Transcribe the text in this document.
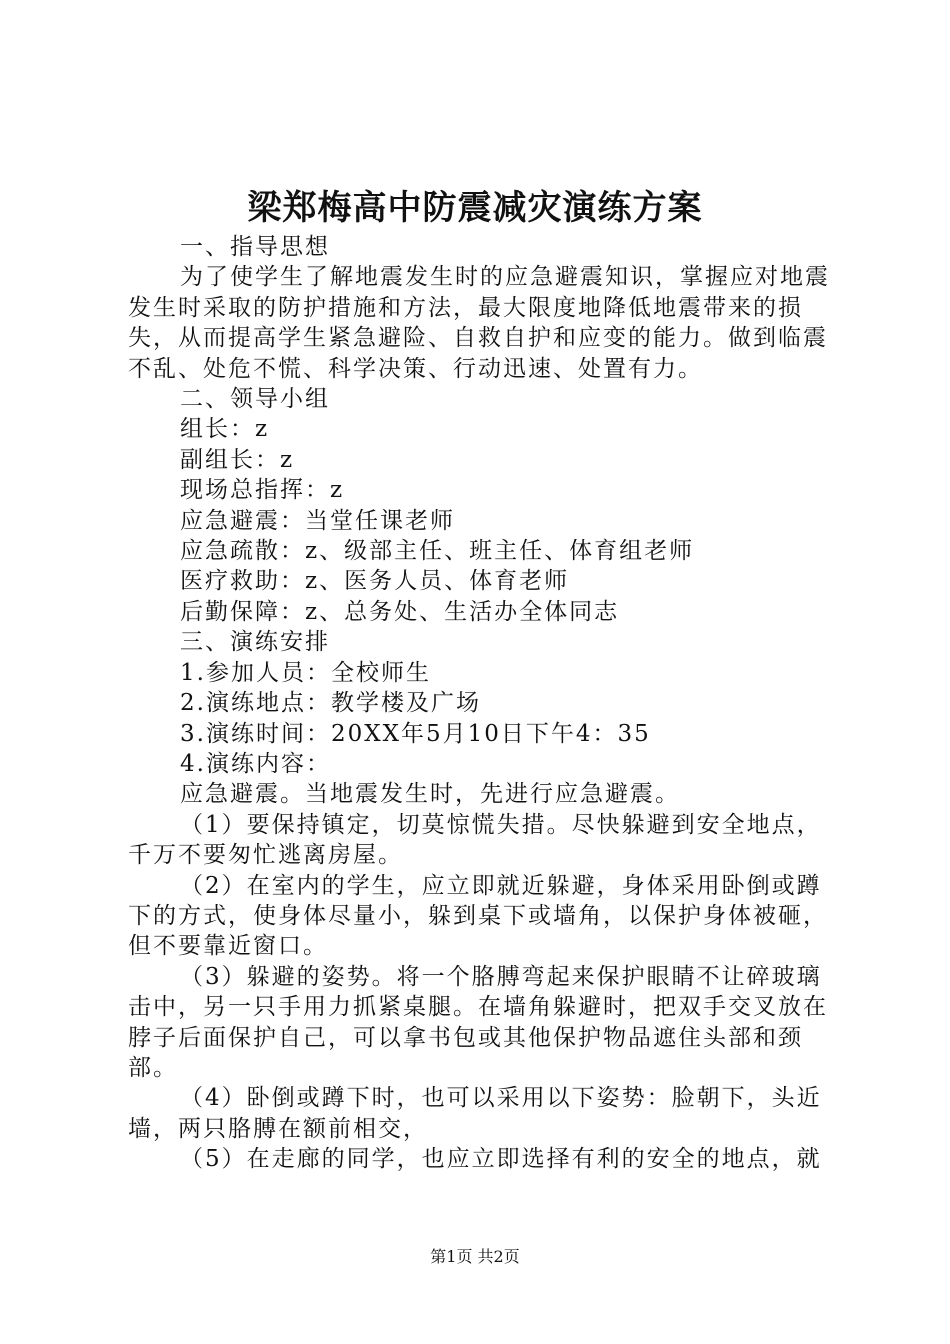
梁郑梅高中防震减灾演练方案

一、指导思想

为了使学生了解地震发生时的应急避震知识，掌握应对地震发生时采取的防护措施和方法，最大限度地降低地震带来的损失，从而提高学生紧急避险、自救自护和应变的能力。做到临震不乱、处危不慌、科学决策、行动迅速、处置有力。

二、领导小组

组长：z

副组长：z

现场总指挥：z

应急避震：当堂任课老师

应急疏散：z、级部主任、班主任、体育组老师

医疗救助：z、医务人员、体育老师

后勤保障：z、总务处、生活办全体同志

三、演练安排

1.参加人员：全校师生

2.演练地点：教学楼及广场

3.演练时间：20XX年5月10日下午4：35

4.演练内容：

应急避震。当地震发生时，先进行应急避震。

（1）要保持镇定，切莫惊慌失措。尽快躲避到安全地点，千万不要匆忙逃离房屋。

（2）在室内的学生，应立即就近躲避，身体采用卧倒或蹲下的方式，使身体尽量小，躲到桌下或墙角，以保护身体被砸，但不要靠近窗口。

（3）躲避的姿势。将一个胳膊弯起来保护眼睛不让碎玻璃击中，另一只手用力抓紧桌腿。在墙角躲避时，把双手交叉放在脖子后面保护自己，可以拿书包或其他保护物品遮住头部和颈部。

（4）卧倒或蹲下时，也可以采用以下姿势：脸朝下，头近墙，两只胳膊在额前相交，

（5）在走廊的同学，也应立即选择有利的安全的地点，就

第1页 共2页
